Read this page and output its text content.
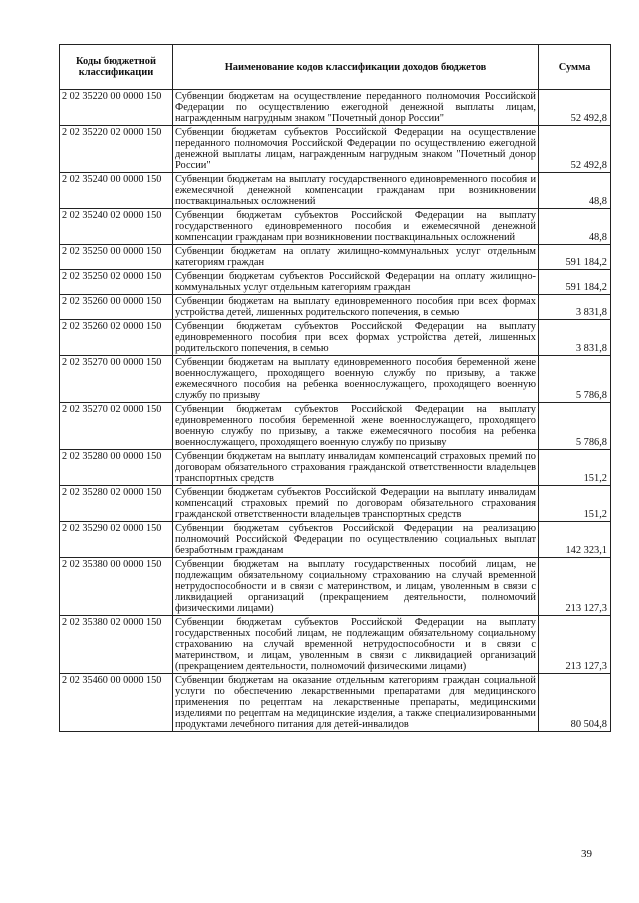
Коды бюджетной классификации	Наименование кодов классификации доходов бюджетов	Сумма
2 02 35220 00 0000 150	Субвенции бюджетам на осуществление переданного полномочия Российской Федерации по осуществлению ежегодной денежной выплаты лицам, награжденным нагрудным знаком "Почетный донор России"	52 492,8
2 02 35220 02 0000 150	Субвенции бюджетам субъектов Российской Федерации на осуществление переданного полномочия Российской Федерации по осуществлению ежегодной денежной выплаты лицам, награжденным нагрудным знаком "Почетный донор России"	52 492,8
2 02 35240 00 0000 150	Субвенции бюджетам на выплату государственного единовременного пособия и ежемесячной денежной компенсации гражданам при возникновении поствакцинальных осложнений	48,8
2 02 35240 02 0000 150	Субвенции бюджетам субъектов Российской Федерации на выплату государственного единовременного пособия и ежемесячной денежной компенсации гражданам при возникновении поствакцинальных осложнений	48,8
2 02 35250 00 0000 150	Субвенции бюджетам на оплату жилищно-коммунальных услуг отдельным категориям граждан	591 184,2
2 02 35250 02 0000 150	Субвенции бюджетам субъектов Российской Федерации на оплату жилищно-коммунальных услуг отдельным категориям граждан	591 184,2
2 02 35260 00 0000 150	Субвенции бюджетам на выплату единовременного пособия при всех формах устройства детей, лишенных родительского попечения, в семью	3 831,8
2 02 35260 02 0000 150	Субвенции бюджетам субъектов Российской Федерации на выплату единовременного пособия при всех формах устройства детей, лишенных родительского попечения, в семью	3 831,8
2 02 35270 00 0000 150	Субвенции бюджетам на выплату единовременного пособия беременной жене военнослужащего, проходящего военную службу по призыву, а также ежемесячного пособия на ребенка военнослужащего, проходящего военную службу по призыву	5 786,8
2 02 35270 02 0000 150	Субвенции бюджетам субъектов Российской Федерации на выплату единовременного пособия беременной жене военнослужащего, проходящего военную службу по призыву, а также ежемесячного пособия на ребенка военнослужащего, проходящего военную службу по призыву	5 786,8
2 02 35280 00 0000 150	Субвенции бюджетам на выплату инвалидам компенсаций страховых премий по договорам обязательного страхования гражданской ответственности владельцев транспортных средств	151,2
2 02 35280 02 0000 150	Субвенции бюджетам субъектов Российской Федерации на выплату инвалидам компенсаций страховых премий по договорам обязательного страхования гражданской ответственности владельцев транспортных средств	151,2
2 02 35290 02 0000 150	Субвенции бюджетам субъектов Российской Федерации на реализацию полномочий Российской Федерации по осуществлению социальных выплат безработным гражданам	142 323,1
2 02 35380 00 0000 150	Субвенции бюджетам на выплату государственных пособий лицам, не подлежащим обязательному социальному страхованию на случай временной нетрудоспособности и в связи с материнством, и лицам, уволенным в связи с ликвидацией организаций (прекращением деятельности, полномочий физическими лицами)	213 127,3
2 02 35380 02 0000 150	Субвенции бюджетам субъектов Российской Федерации на выплату государственных пособий лицам, не подлежащим обязательному социальному страхованию на случай временной нетрудоспособности и в связи с материнством, и лицам, уволенным в связи с ликвидацией организаций (прекращением деятельности, полномочий физическими лицами)	213 127,3
2 02 35460 00 0000 150	Субвенции бюджетам на оказание отдельным категориям граждан социальной услуги по обеспечению лекарственными препаратами для медицинского применения по рецептам на лекарственные препараты, медицинскими изделиями по рецептам на медицинские изделия, а также специализированными продуктами лечебного питания для детей-инвалидов	80 504,8
39
